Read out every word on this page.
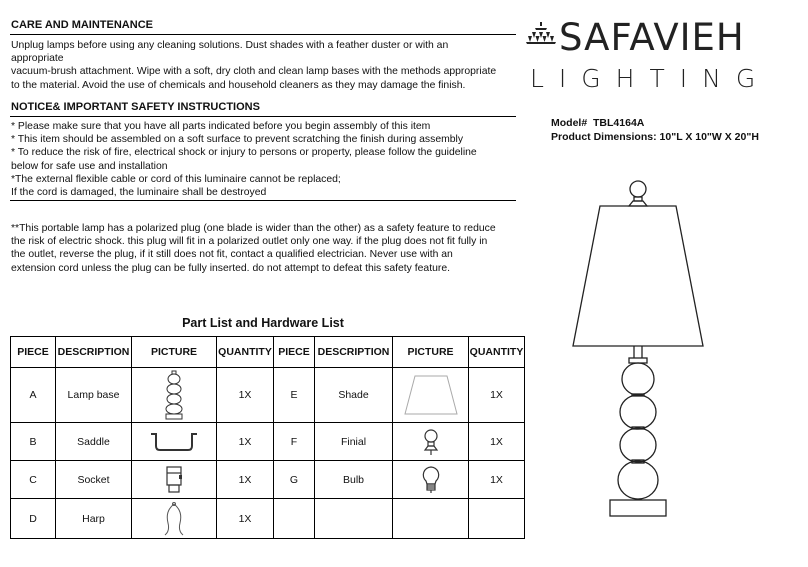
CARE AND MAINTENANCE
Unplug lamps before using any cleaning solutions. Dust shades with a feather duster or with an
appropriate
vacuum-brush attachment. Wipe with a soft, dry cloth and clean lamp bases with the methods appropriate
to the material. Avoid the use of chemicals and household cleaners as they may damage the finish.
NOTICE& IMPORTANT SAFETY INSTRUCTIONS
* Please make sure that you have all parts indicated before you begin assembly of this item
* This item should be assembled on a soft surface to prevent scratching the finish during assembly
* To reduce the risk of fire, electrical shock or injury to persons or property, please follow the guideline
below for safe use and installation
*The external flexible cable or cord of this luminaire cannot be replaced;
If the cord is damaged, the luminaire shall be destroyed
**This portable lamp has a polarized plug (one blade is wider than the other) as a safety feature to reduce
the risk of electric shock. this plug will fit in a polarized outlet only one way. if the plug does not fit fully in
the outlet, reverse the plug, if it still does not fit, contact a qualified electrician. Never use with an
extension cord unless the plug can be fully inserted. do not attempt to defeat this safety feature.
SAFAVIEH
LIGHTING
Model# TBL4164A
Product Dimensions: 10"L X 10"W X 20"H
Part List and Hardware List
PIECE	DESCRIPTION	PICTURE	QUANTITY	PIECE	DESCRIPTION	PICTURE	QUANTITY
A	Lamp base		1X	E	Shade		1X
B	Saddle		1X	F	Finial		1X
C	Socket		1X	G	Bulb		1X
D	Harp		1X				
